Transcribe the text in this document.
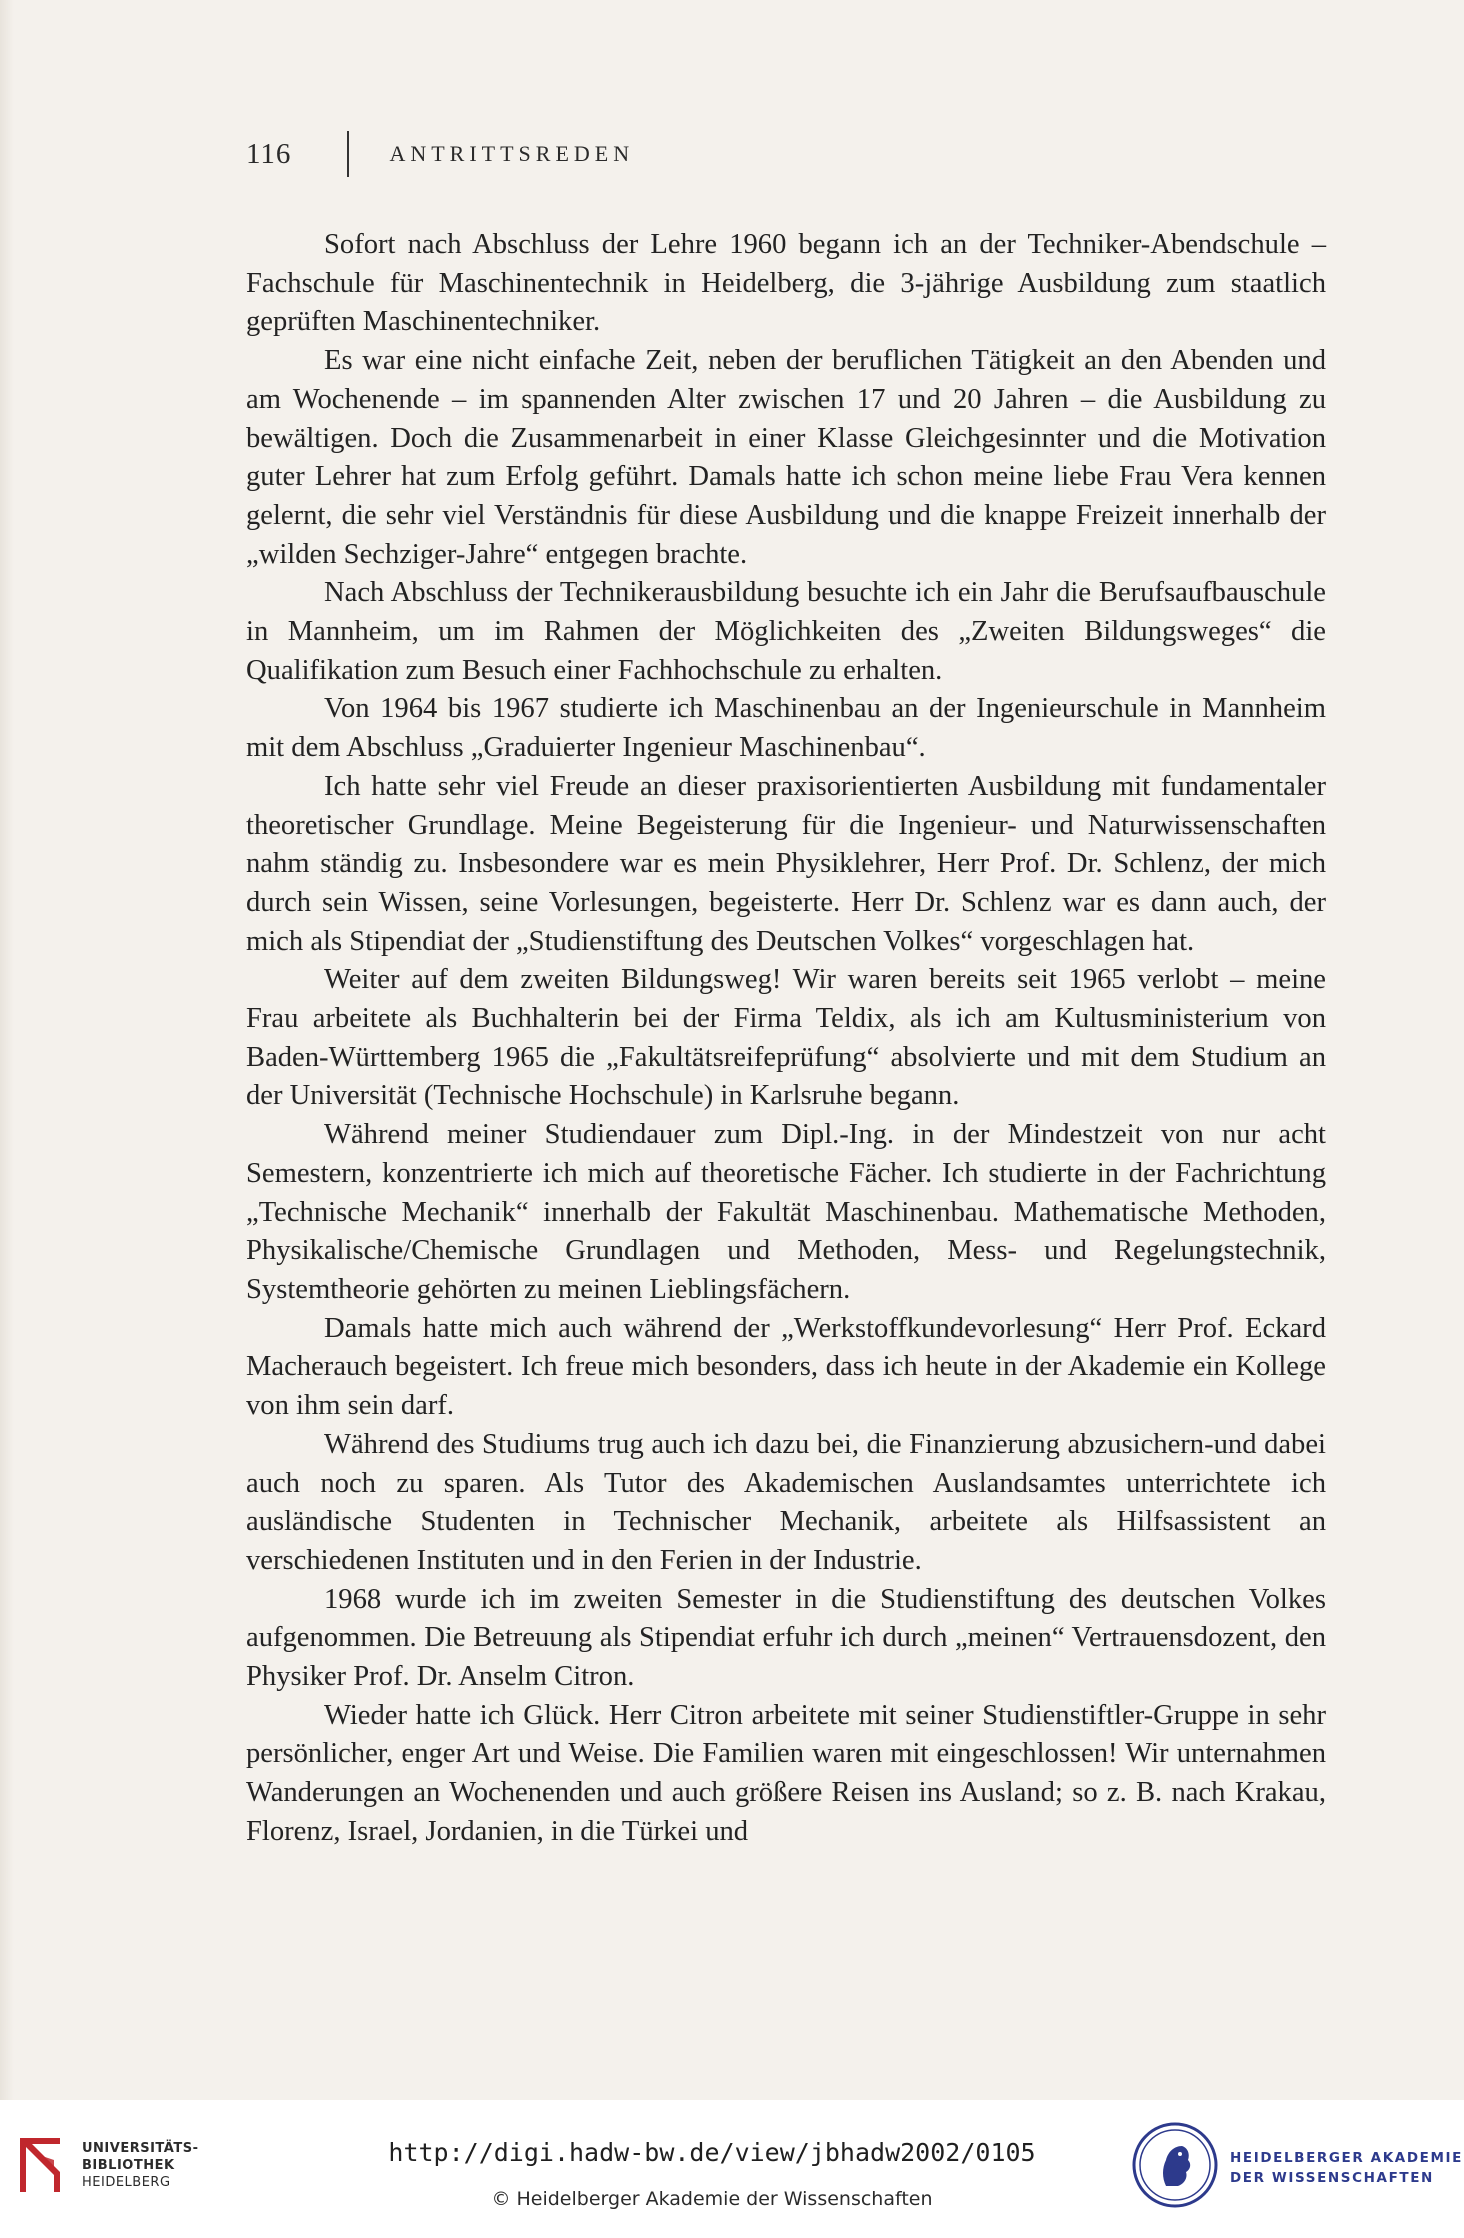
116	ANTRITTSREDEN

Sofort nach Abschluss der Lehre 1960 begann ich an der Techniker-Abendschule – Fachschule für Maschinentechnik in Heidelberg, die 3-jährige Ausbildung zum staatlich geprüften Maschinentechniker.

Es war eine nicht einfache Zeit, neben der beruflichen Tätigkeit an den Abenden und am Wochenende – im spannenden Alter zwischen 17 und 20 Jahren – die Ausbildung zu bewältigen. Doch die Zusammenarbeit in einer Klasse Gleichgesinnter und die Motivation guter Lehrer hat zum Erfolg geführt. Damals hatte ich schon meine liebe Frau Vera kennen gelernt, die sehr viel Verständnis für diese Ausbildung und die knappe Freizeit innerhalb der „wilden Sechziger-Jahre“ entgegen brachte.

Nach Abschluss der Technikerausbildung besuchte ich ein Jahr die Berufsaufbauschule in Mannheim, um im Rahmen der Möglichkeiten des „Zweiten Bildungsweges“ die Qualifikation zum Besuch einer Fachhochschule zu erhalten.

Von 1964 bis 1967 studierte ich Maschinenbau an der Ingenieurschule in Mannheim mit dem Abschluss „Graduierter Ingenieur Maschinenbau“.

Ich hatte sehr viel Freude an dieser praxisorientierten Ausbildung mit fundamentaler theoretischer Grundlage. Meine Begeisterung für die Ingenieur- und Naturwissenschaften nahm ständig zu. Insbesondere war es mein Physiklehrer, Herr Prof. Dr. Schlenz, der mich durch sein Wissen, seine Vorlesungen, begeisterte. Herr Dr. Schlenz war es dann auch, der mich als Stipendiat der „Studienstiftung des Deutschen Volkes“ vorgeschlagen hat.

Weiter auf dem zweiten Bildungsweg! Wir waren bereits seit 1965 verlobt – meine Frau arbeitete als Buchhalterin bei der Firma Teldix, als ich am Kultusministerium von Baden-Württemberg 1965 die „Fakultätsreifeprüfung“ absolvierte und mit dem Studium an der Universität (Technische Hochschule) in Karlsruhe begann.

Während meiner Studiendauer zum Dipl.-Ing. in der Mindestzeit von nur acht Semestern, konzentrierte ich mich auf theoretische Fächer. Ich studierte in der Fachrichtung „Technische Mechanik“ innerhalb der Fakultät Maschinenbau. Mathematische Methoden, Physikalische/Chemische Grundlagen und Methoden, Mess- und Regelungstechnik, Systemtheorie gehörten zu meinen Lieblingsfächern.

Damals hatte mich auch während der „Werkstoffkundevorlesung“ Herr Prof. Eckard Macherauch begeistert. Ich freue mich besonders, dass ich heute in der Akademie ein Kollege von ihm sein darf.

Während des Studiums trug auch ich dazu bei, die Finanzierung abzusichern-und dabei auch noch zu sparen. Als Tutor des Akademischen Auslandsamtes unterrichtete ich ausländische Studenten in Technischer Mechanik, arbeitete als Hilfsassistent an verschiedenen Instituten und in den Ferien in der Industrie.

1968 wurde ich im zweiten Semester in die Studienstiftung des deutschen Volkes aufgenommen. Die Betreuung als Stipendiat erfuhr ich durch „meinen“ Vertrauensdozent, den Physiker Prof. Dr. Anselm Citron.

Wieder hatte ich Glück. Herr Citron arbeitete mit seiner Studienstiftler-Gruppe in sehr persönlicher, enger Art und Weise. Die Familien waren mit eingeschlossen! Wir unternahmen Wanderungen an Wochenenden und auch größere Reisen ins Ausland; so z. B. nach Krakau, Florenz, Israel, Jordanien, in die Türkei und

UNIVERSITÄTS-
BIBLIOTHEK
HEIDELBERG
http://digi.hadw-bw.de/view/jbhadw2002/0105
© Heidelberger Akademie der Wissenschaften
HEIDELBERGER AKADEMIE
DER WISSENSCHAFTEN
